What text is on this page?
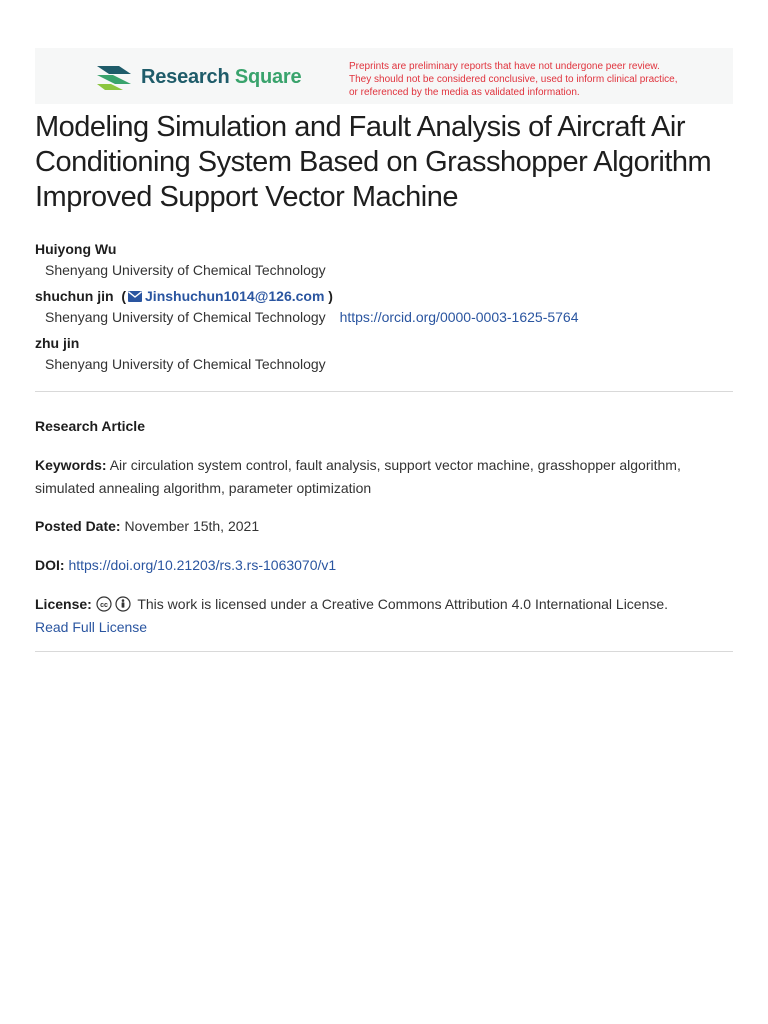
Research Square	Preprints are preliminary reports that have not undergone peer review.
They should not be considered conclusive, used to inform clinical practice,
or referenced by the media as validated information.
Modeling Simulation and Fault Analysis of Aircraft Air Conditioning System Based on Grasshopper Algorithm Improved Support Vector Machine
Huiyong Wu
Shenyang University of Chemical Technology
shuchun jin  ( Jinshuchun1014@126.com )
Shenyang University of Chemical Technology https://orcid.org/0000-0003-1625-5764
zhu jin
Shenyang University of Chemical Technology
Research Article
Keywords: Air circulation system control, fault analysis, support vector machine, grasshopper algorithm, simulated annealing algorithm, parameter optimization
Posted Date: November 15th, 2021
DOI: https://doi.org/10.21203/rs.3.rs-1063070/v1
License: cc This work is licensed under a Creative Commons Attribution 4.0 International License.
Read Full License
